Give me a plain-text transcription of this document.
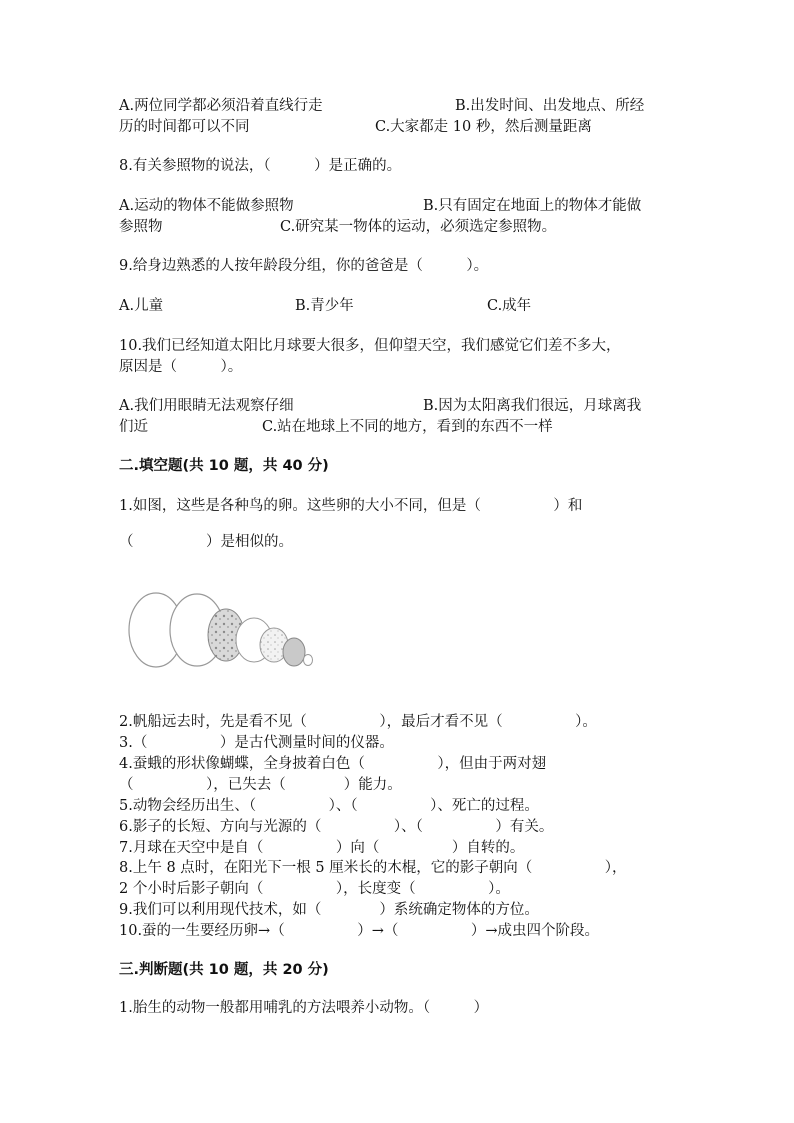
A.两位同学都必须沿着直线行走	B.出发时间、出发地点、所经
历的时间都可以不同	C.大家都走 10 秒，然后测量距离
8.有关参照物的说法，（　　　）是正确的。
A.运动的物体不能做参照物	B.只有固定在地面上的物体才能做
参照物	C.研究某一物体的运动，必须选定参照物。
9.给身边熟悉的人按年龄段分组，你的爸爸是（　　　）。
A.儿童	B.青少年	C.成年
10.我们已经知道太阳比月球要大很多，但仰望天空，我们感觉它们差不多大，
原因是（　　　）。
A.我们用眼睛无法观察仔细	B.因为太阳离我们很远，月球离我
们近	C.站在地球上不同的地方，看到的东西不一样
二.填空题(共 10 题，共 40 分)
1.如图，这些是各种鸟的卵。这些卵的大小不同，但是（　　　　　）和
（　　　　　）是相似的。
2.帆船远去时，先是看不见（　　　　　），最后才看不见（　　　　　）。
3.（　　　　　）是古代测量时间的仪器。
4.蚕蛾的形状像蝴蝶，全身披着白色（　　　　　），但由于两对翅
（　　　　　），已失去（　　　　）能力。
5.动物会经历出生、（　　　　　）、（　　　　　）、死亡的过程。
6.影子的长短、方向与光源的（　　　　　）、（　　　　　）有关。
7.月球在天空中是自（　　　　　）向（　　　　　）自转的。
8.上午 8 点时，在阳光下一根 5 厘米长的木棍，它的影子朝向（　　　　　），
2 个小时后影子朝向（　　　　　），长度变（　　　　　）。
9.我们可以利用现代技术，如（　　　　）系统确定物体的方位。
10.蚕的一生要经历卵→（　　　　　）→（　　　　　）→成虫四个阶段。
三.判断题(共 10 题，共 20 分)
1.胎生的动物一般都用哺乳的方法喂养小动物。（　　　）
